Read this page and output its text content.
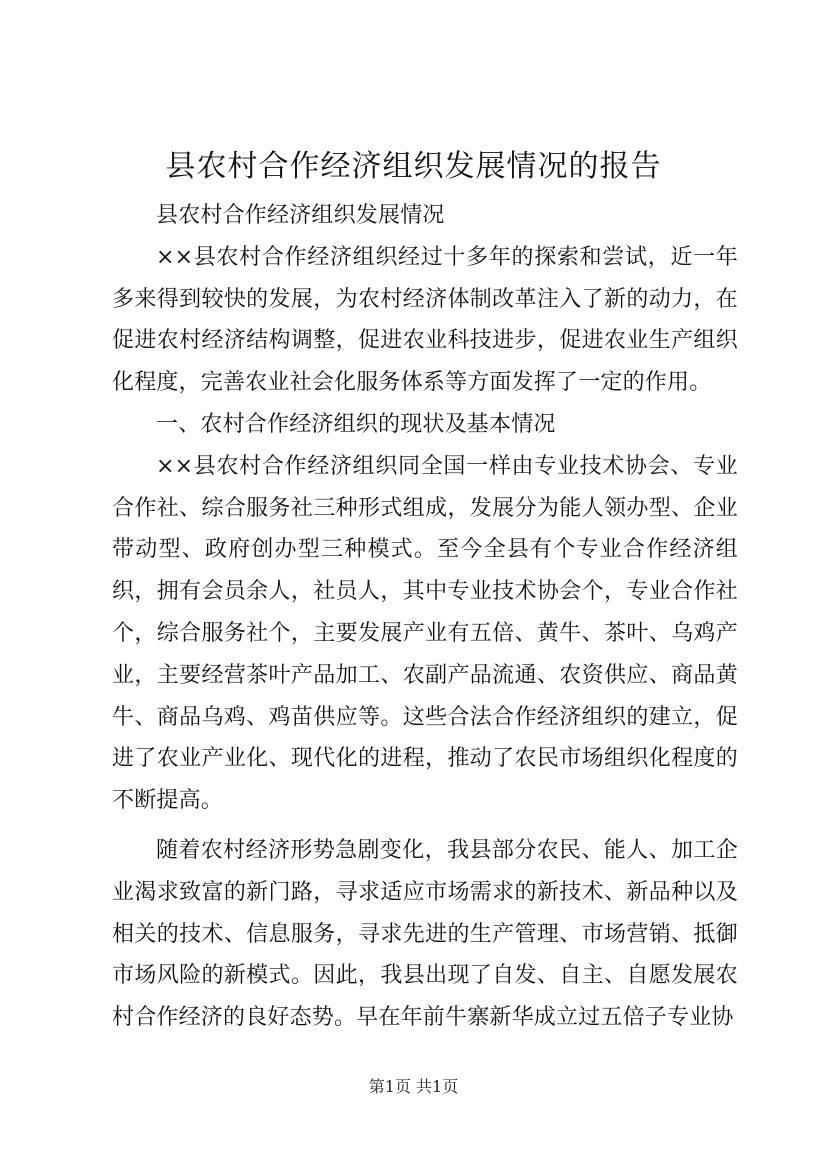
县农村合作经济组织发展情况的报告

县农村合作经济组织发展情况

××县农村合作经济组织经过十多年的探索和尝试，近一年多来得到较快的发展，为农村经济体制改革注入了新的动力，在促进农村经济结构调整，促进农业科技进步，促进农业生产组织化程度，完善农业社会化服务体系等方面发挥了一定的作用。

一、农村合作经济组织的现状及基本情况

××县农村合作经济组织同全国一样由专业技术协会、专业合作社、综合服务社三种形式组成，发展分为能人领办型、企业带动型、政府创办型三种模式。至今全县有个专业合作经济组织，拥有会员余人，社员人，其中专业技术协会个，专业合作社个，综合服务社个，主要发展产业有五倍、黄牛、茶叶、乌鸡产业，主要经营茶叶产品加工、农副产品流通、农资供应、商品黄牛、商品乌鸡、鸡苗供应等。这些合法合作经济组织的建立，促进了农业产业化、现代化的进程，推动了农民市场组织化程度的不断提高。

随着农村经济形势急剧变化，我县部分农民、能人、加工企业渴求致富的新门路，寻求适应市场需求的新技术、新品种以及相关的技术、信息服务，寻求先进的生产管理、市场营销、抵御市场风险的新模式。因此，我县出现了自发、自主、自愿发展农村合作经济的良好态势。早在年前牛寨新华成立过五倍子专业协

第1页 共1页
